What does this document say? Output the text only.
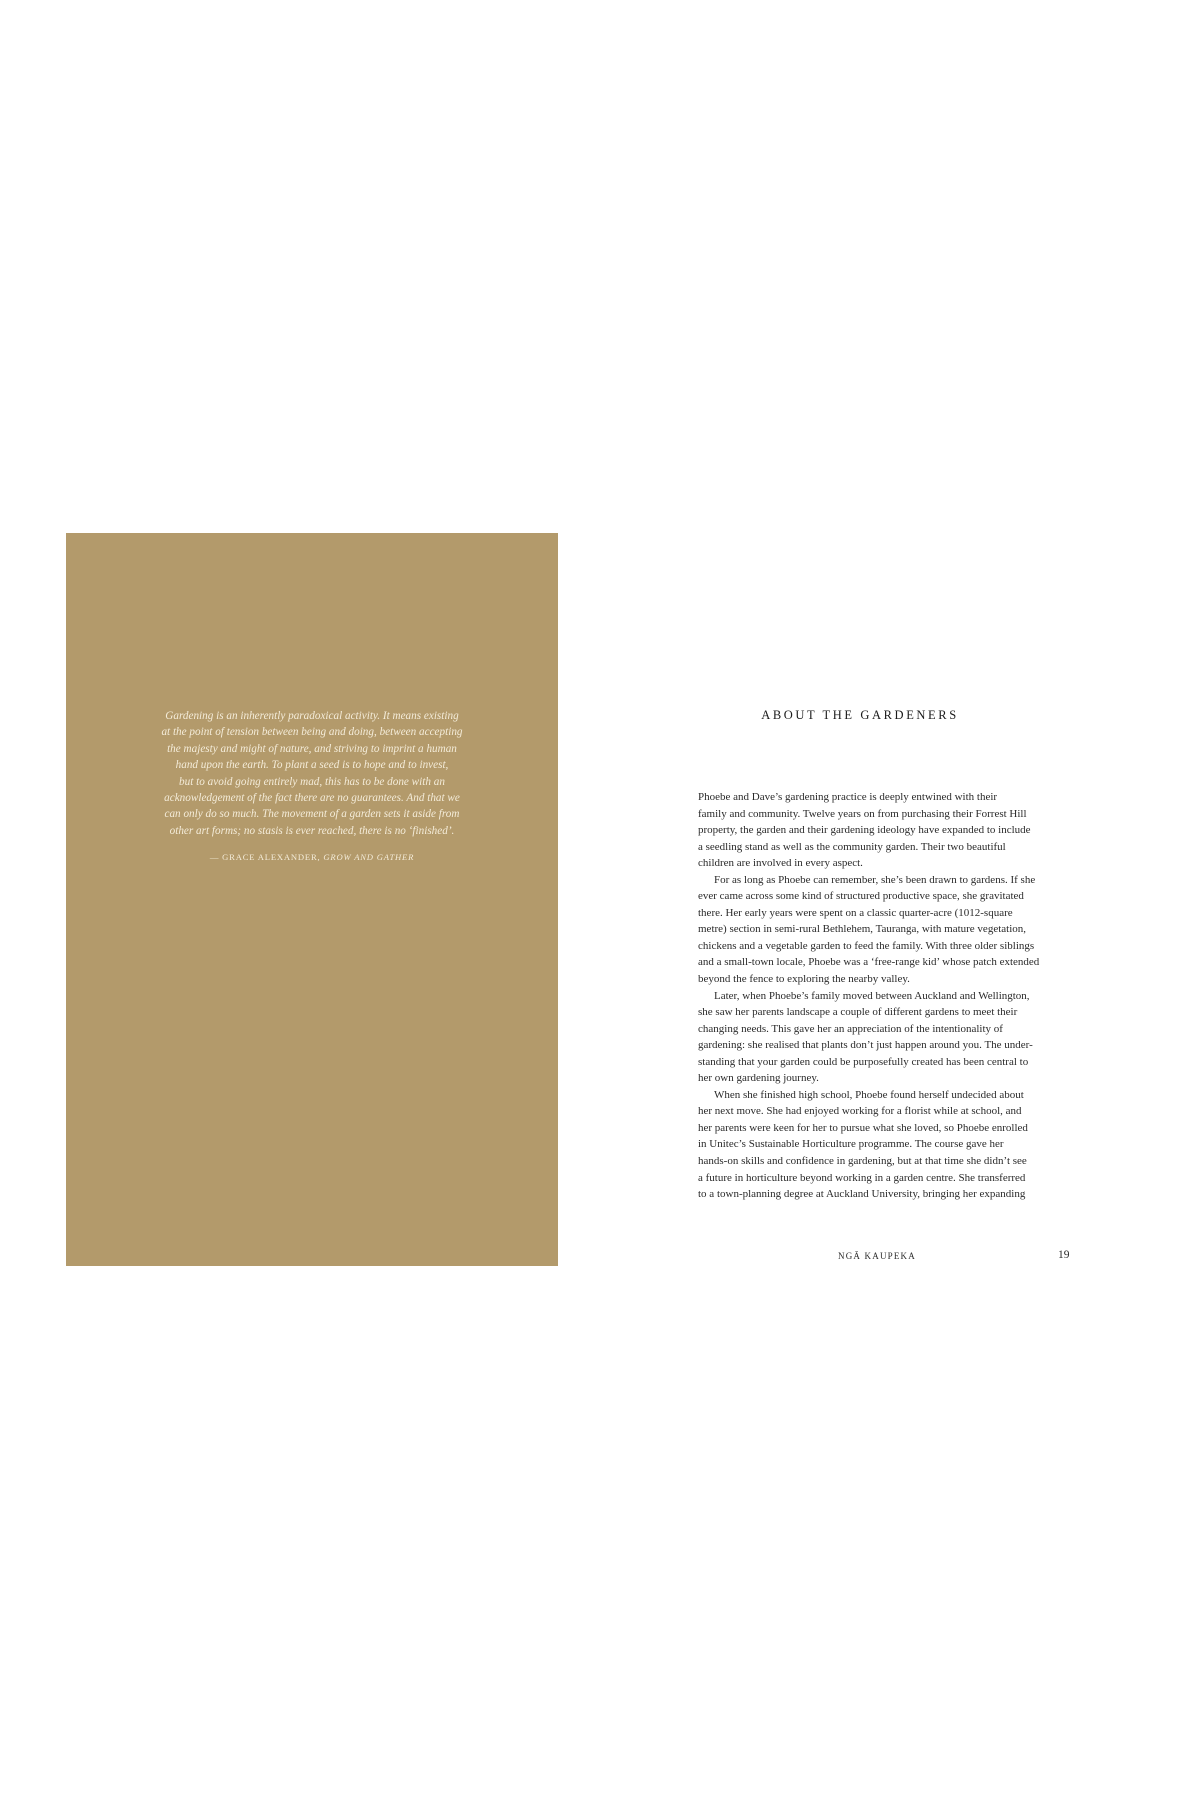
Gardening is an inherently paradoxical activity. It means existing
at the point of tension between being and doing, between accepting
the majesty and might of nature, and striving to imprint a human
hand upon the earth. To plant a seed is to hope and to invest,
but to avoid going entirely mad, this has to be done with an
acknowledgement of the fact there are no guarantees. And that we
can only do so much. The movement of a garden sets it aside from
other art forms; no stasis is ever reached, there is no ‘finished’.

— GRACE ALEXANDER, GROW AND GATHER

ABOUT THE GARDENERS

Phoebe and Dave’s gardening practice is deeply entwined with their
family and community. Twelve years on from purchasing their Forrest Hill
property, the garden and their gardening ideology have expanded to include
a seedling stand as well as the community garden. Their two beautiful
children are involved in every aspect.

For as long as Phoebe can remember, she’s been drawn to gardens. If she
ever came across some kind of structured productive space, she gravitated
there. Her early years were spent on a classic quarter-acre (1012-square
metre) section in semi-rural Bethlehem, Tauranga, with mature vegetation,
chickens and a vegetable garden to feed the family. With three older siblings
and a small-town locale, Phoebe was a ‘free-range kid’ whose patch extended
beyond the fence to exploring the nearby valley.

Later, when Phoebe’s family moved between Auckland and Wellington,
she saw her parents landscape a couple of different gardens to meet their
changing needs. This gave her an appreciation of the intentionality of
gardening: she realised that plants don’t just happen around you. The under-
standing that your garden could be purposefully created has been central to
her own gardening journey.

When she finished high school, Phoebe found herself undecided about
her next move. She had enjoyed working for a florist while at school, and
her parents were keen for her to pursue what she loved, so Phoebe enrolled
in Unitec’s Sustainable Horticulture programme. The course gave her
hands-on skills and confidence in gardening, but at that time she didn’t see
a future in horticulture beyond working in a garden centre. She transferred
to a town-planning degree at Auckland University, bringing her expanding

NGĀ KAUPEKA	19
